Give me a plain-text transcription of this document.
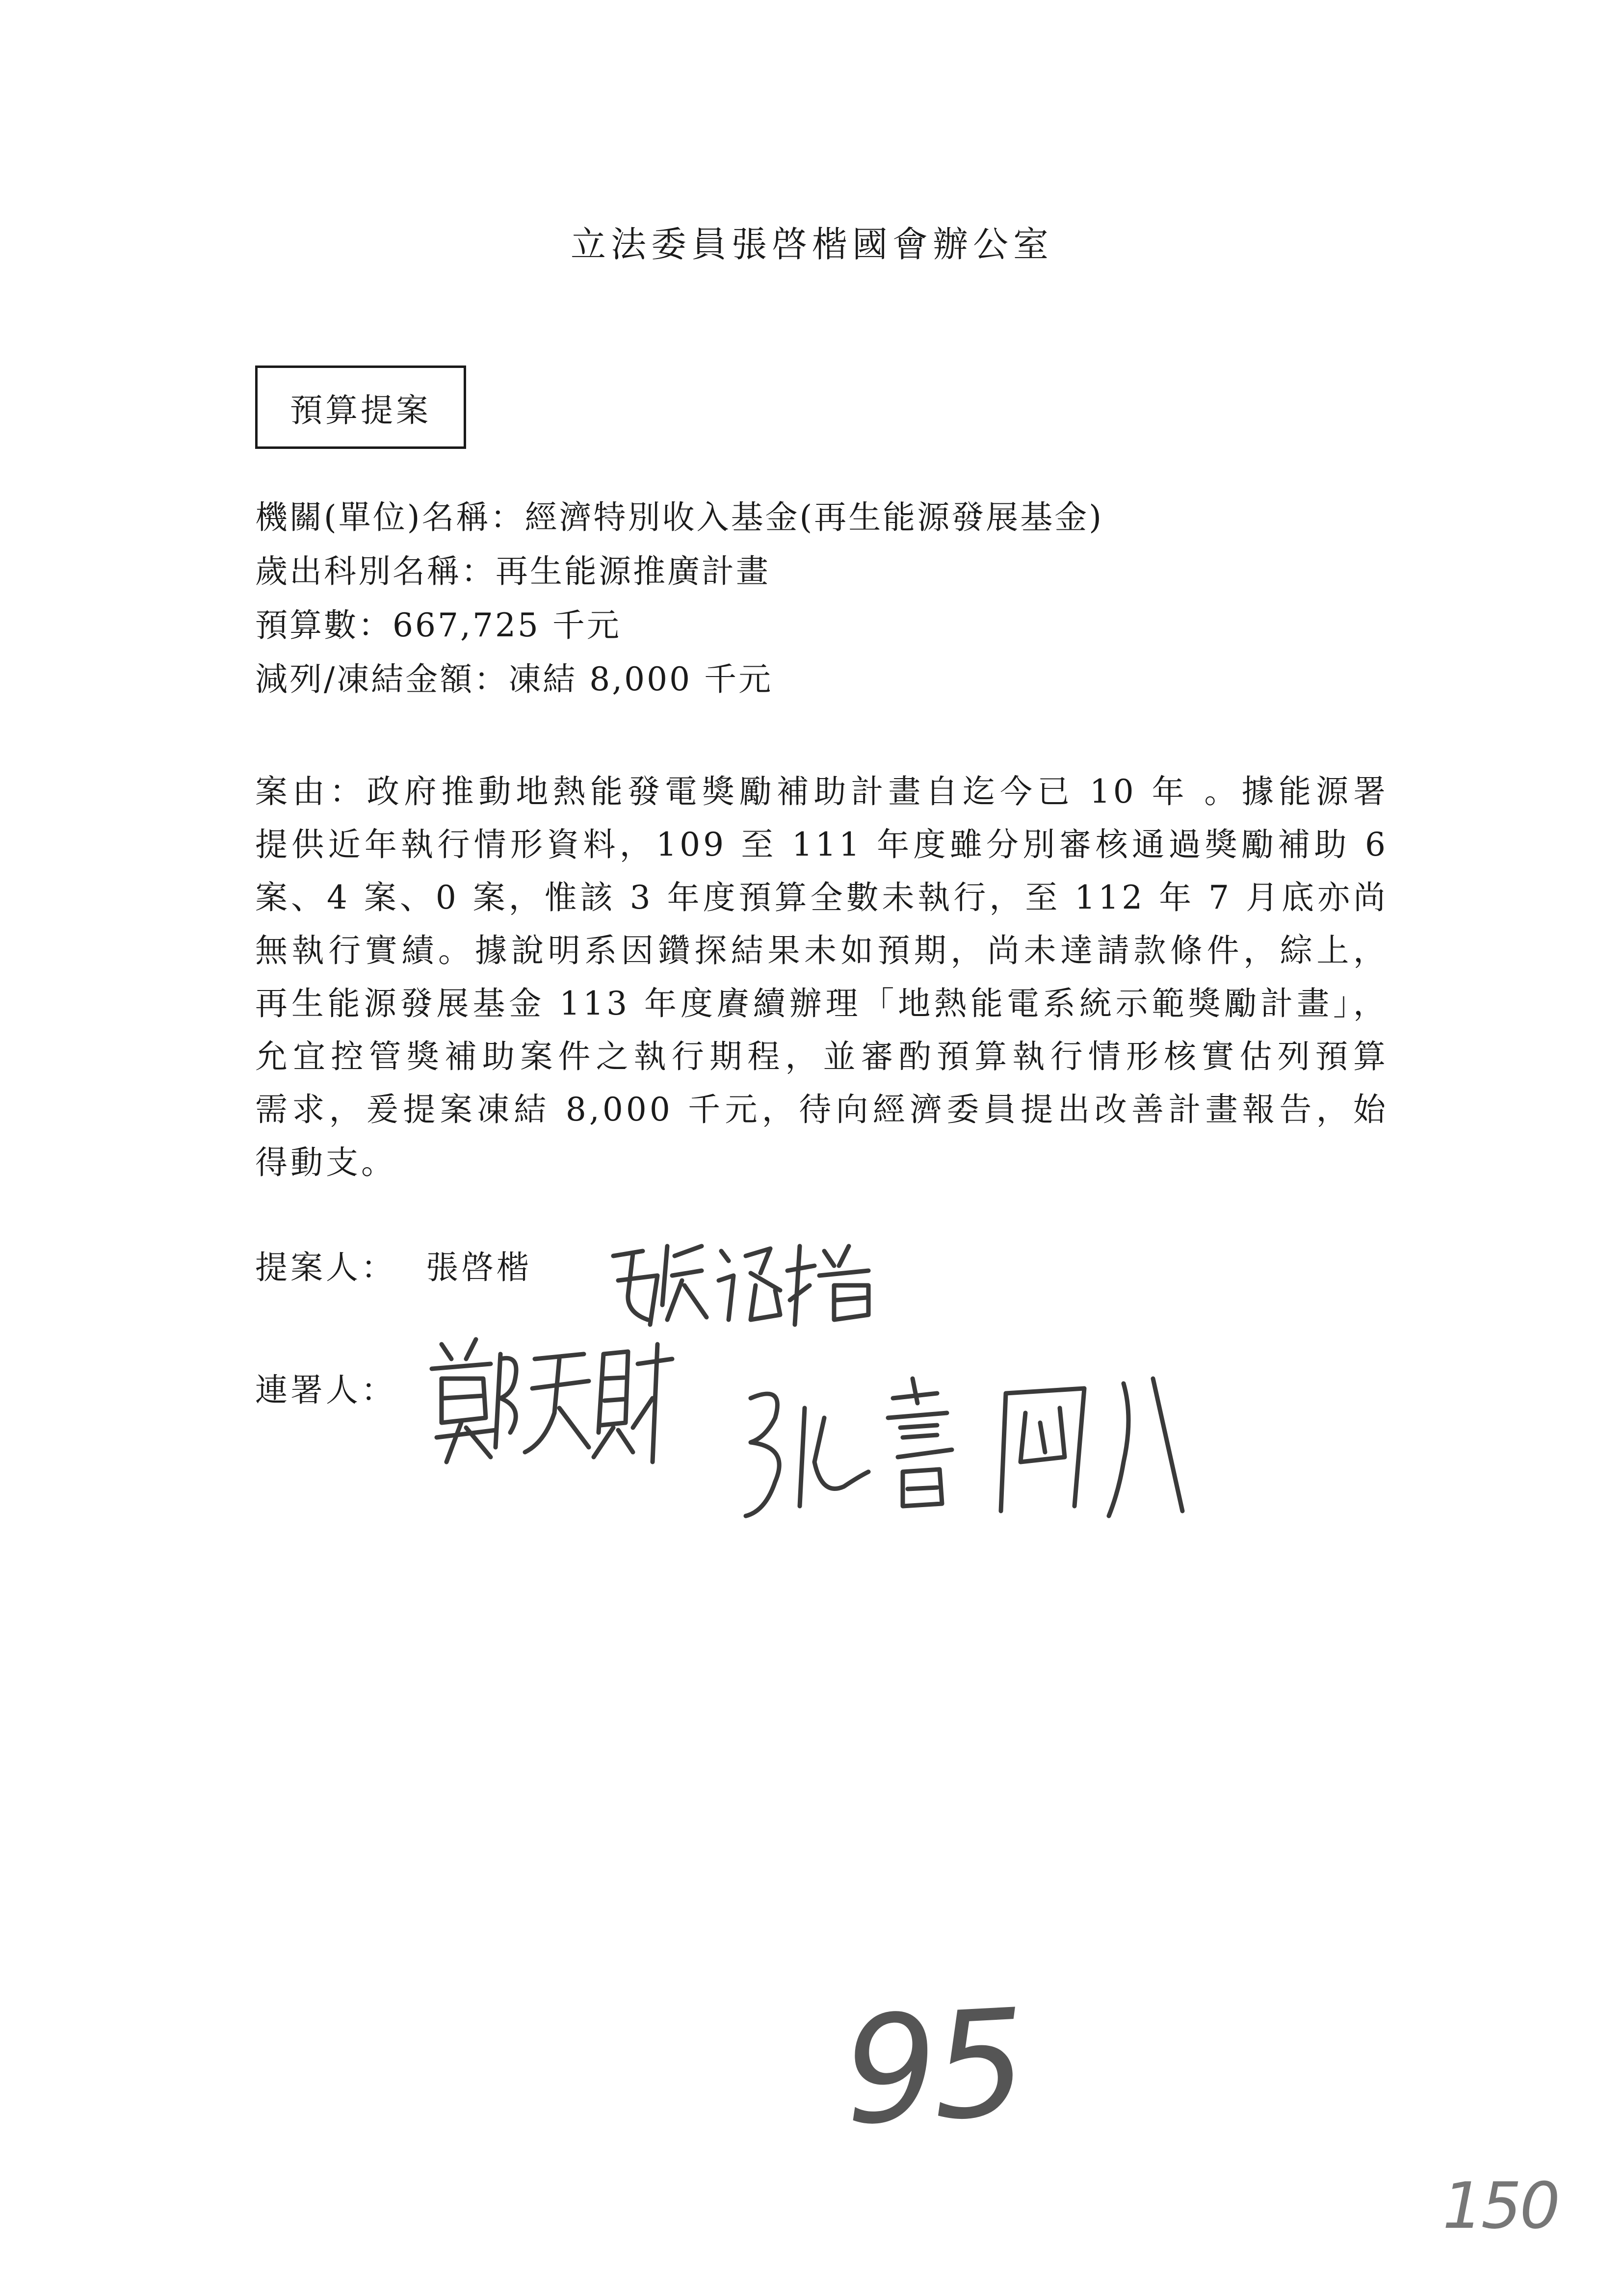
立法委員張啓楷國會辦公室
預算提案
機關(單位)名稱：經濟特別收入基金(再生能源發展基金)
歲出科別名稱：再生能源推廣計畫
預算數：667,725 千元
減列/凍結金額：凍結 8,000 千元
案由：政府推動地熱能發電獎勵補助計畫自迄今已 10 年 。據能源署
提供近年執行情形資料，109 至 111 年度雖分別審核通過獎勵補助 6
案、4 案、0 案，惟該 3 年度預算全數未執行，至 112 年 7 月底亦尚
無執行實績。據說明系因鑽探結果未如預期，尚未達請款條件，綜上，
再生能源發展基金 113 年度賡續辦理「地熱能電系統示範獎勵計畫」，
允宜控管獎補助案件之執行期程，並審酌預算執行情形核實估列預算
需求，爰提案凍結 8,000 千元，待向經濟委員提出改善計畫報告，始
得動支。
提案人： 張啓楷
連署人：
95
150
